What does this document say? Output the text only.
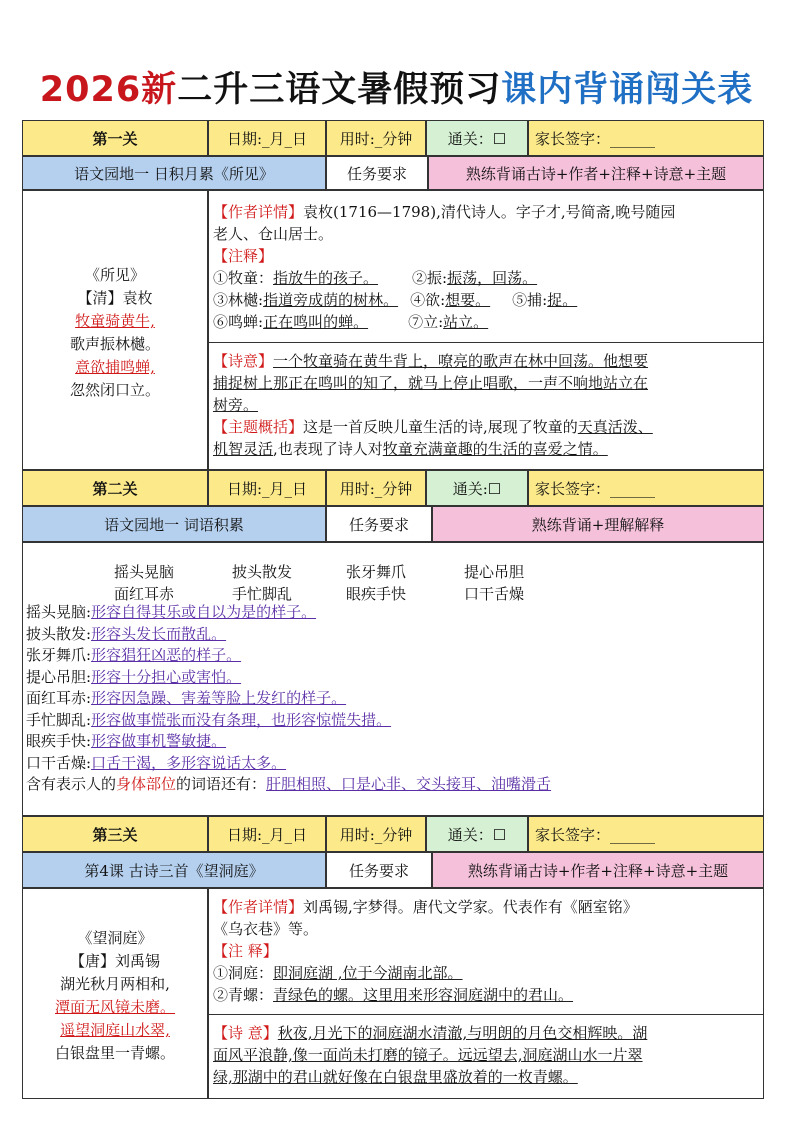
2026新二升三语文暑假预习课内背诵闯关表
第一关	日期:_月_日	用时:_分钟	通关：☐	家长签字：______
语文园地一 日积月累《所见》	任务要求	熟练背诵古诗+作者+注释+诗意+主题
《所见》
【清】袁枚
牧童骑黄牛,
歌声振林樾。
意欲捕鸣蝉,
忽然闭口立。

【作者详情】袁枚(1716—1798),清代诗人。字子才,号简斋,晚号随园

老人、仓山居士。

【注释】

①牧童：指放牛的孩子。 ②振:振荡，回荡。

③林樾:指道旁成荫的树林。 ④欲:想要。 ⑤捕:捉。

⑥鸣蝉:正在鸣叫的蝉。	⑦立:站立。

【诗意】一个牧童骑在黄牛背上，嘹亮的歌声在林中回荡。他想要

捕捉树上那正在鸣叫的知了，就马上停止唱歌，一声不响地站立在

树旁。

【主题概括】这是一首反映儿童生活的诗,展现了牧童的天真活泼、

机智灵活,也表现了诗人对牧童充满童趣的生活的喜爱之情。

第二关	日期:_月_日	用时:_分钟	通关:☐	家长签字：______
语文园地一 词语积累	任务要求	熟练背诵+理解解释
摇头晃脑	披头散发	张牙舞爪	提心吊胆
面红耳赤	手忙脚乱	眼疾手快	口干舌燥

摇头晃脑:形容自得其乐或自以为是的样子。

披头散发:形容头发长而散乱。

张牙舞爪:形容猖狂凶恶的样子。

提心吊胆:形容十分担心或害怕。

面红耳赤:形容因急躁、害羞等脸上发红的样子。

手忙脚乱:形容做事慌张而没有条理，也形容惊慌失措。

眼疾手快:形容做事机警敏捷。

口干舌燥:口舌干渴，多形容说话太多。

含有表示人的身体部位的词语还有：肝胆相照、口是心非、交头接耳、油嘴滑舌

第三关	日期:_月_日	用时:_分钟	通关：☐	家长签字：______
第4课 古诗三首《望洞庭》	任务要求	熟练背诵古诗+作者+注释+诗意+主题
《望洞庭》
【唐】刘禹锡
湖光秋月两相和,
潭面无风镜未磨。
遥望洞庭山水翠,
白银盘里一青螺。

【作者详情】刘禹锡,字梦得。唐代文学家。代表作有《陋室铭》

《乌衣巷》等。

【注 释】

①洞庭：即洞庭湖 ,位于今湖南北部。

②青螺：青绿色的螺。这里用来形容洞庭湖中的君山。

【诗 意】秋夜,月光下的洞庭湖水清澈,与明朗的月色交相辉映。湖

面风平浪静,像一面尚未打磨的镜子。远远望去,洞庭湖山水一片翠

绿,那湖中的君山就好像在白银盘里盛放着的一枚青螺。
